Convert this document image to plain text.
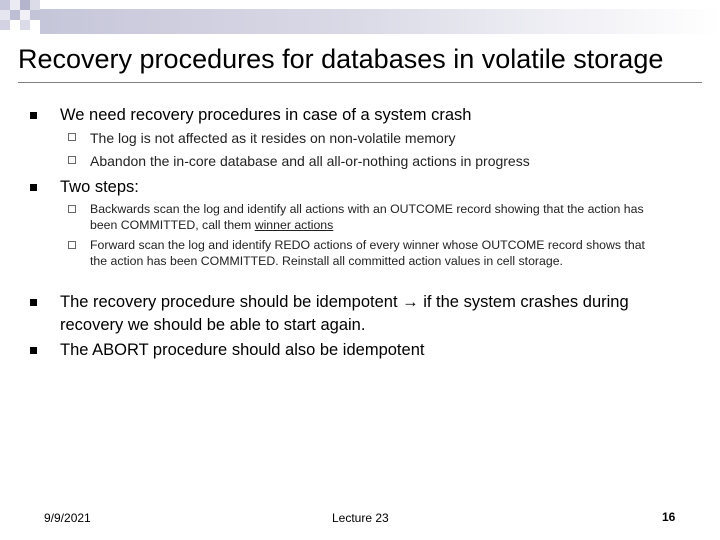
Recovery procedures for databases in volatile storage
We need recovery procedures in case of a system crash
The log is not affected as it resides on non-volatile memory
Abandon the in-core database and all all-or-nothing actions in progress
Two steps:
Backwards scan the log and identify all actions with an OUTCOME record showing that the action has been COMMITTED, call them winner actions
Forward scan the log and identify REDO actions of every winner whose OUTCOME record shows that the action has been COMMITTED. Reinstall all committed action values in cell storage.
The recovery procedure should be idempotent → if the system crashes during recovery we should be able to start again.
The ABORT procedure should also be idempotent
9/9/2021	Lecture 23	16
